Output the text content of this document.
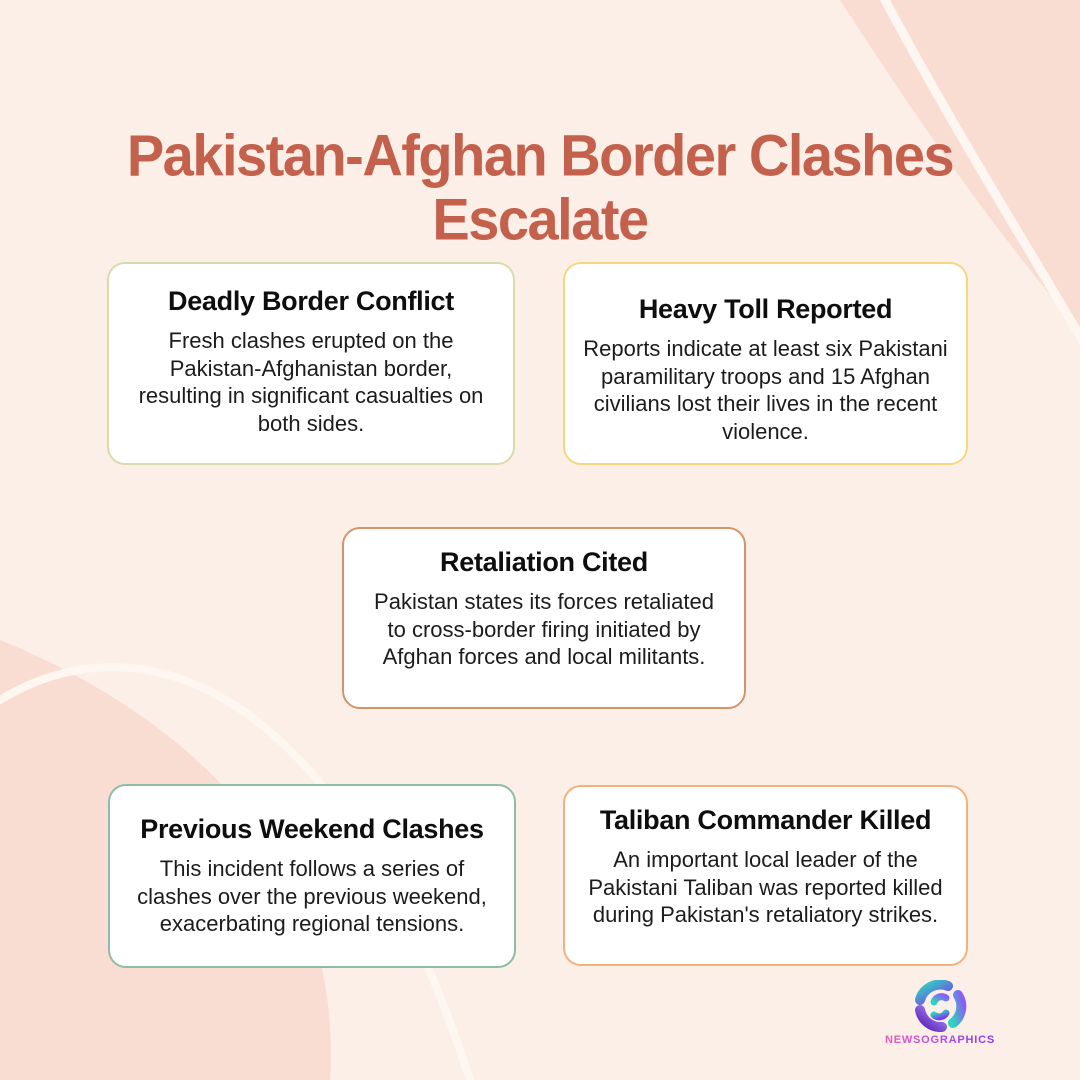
Pakistan-Afghan Border Clashes
Escalate
Deadly Border Conflict

Fresh clashes erupted on the Pakistan-Afghanistan border, resulting in significant casualties on both sides.

Heavy Toll Reported

Reports indicate at least six Pakistani paramilitary troops and 15 Afghan civilians lost their lives in the recent violence.

Retaliation Cited

Pakistan states its forces retaliated to cross-border firing initiated by Afghan forces and local militants.

Previous Weekend Clashes

This incident follows a series of clashes over the previous weekend, exacerbating regional tensions.

Taliban Commander Killed

An important local leader of the Pakistani Taliban was reported killed during Pakistan's retaliatory strikes.

NEWSOGRAPHICS
